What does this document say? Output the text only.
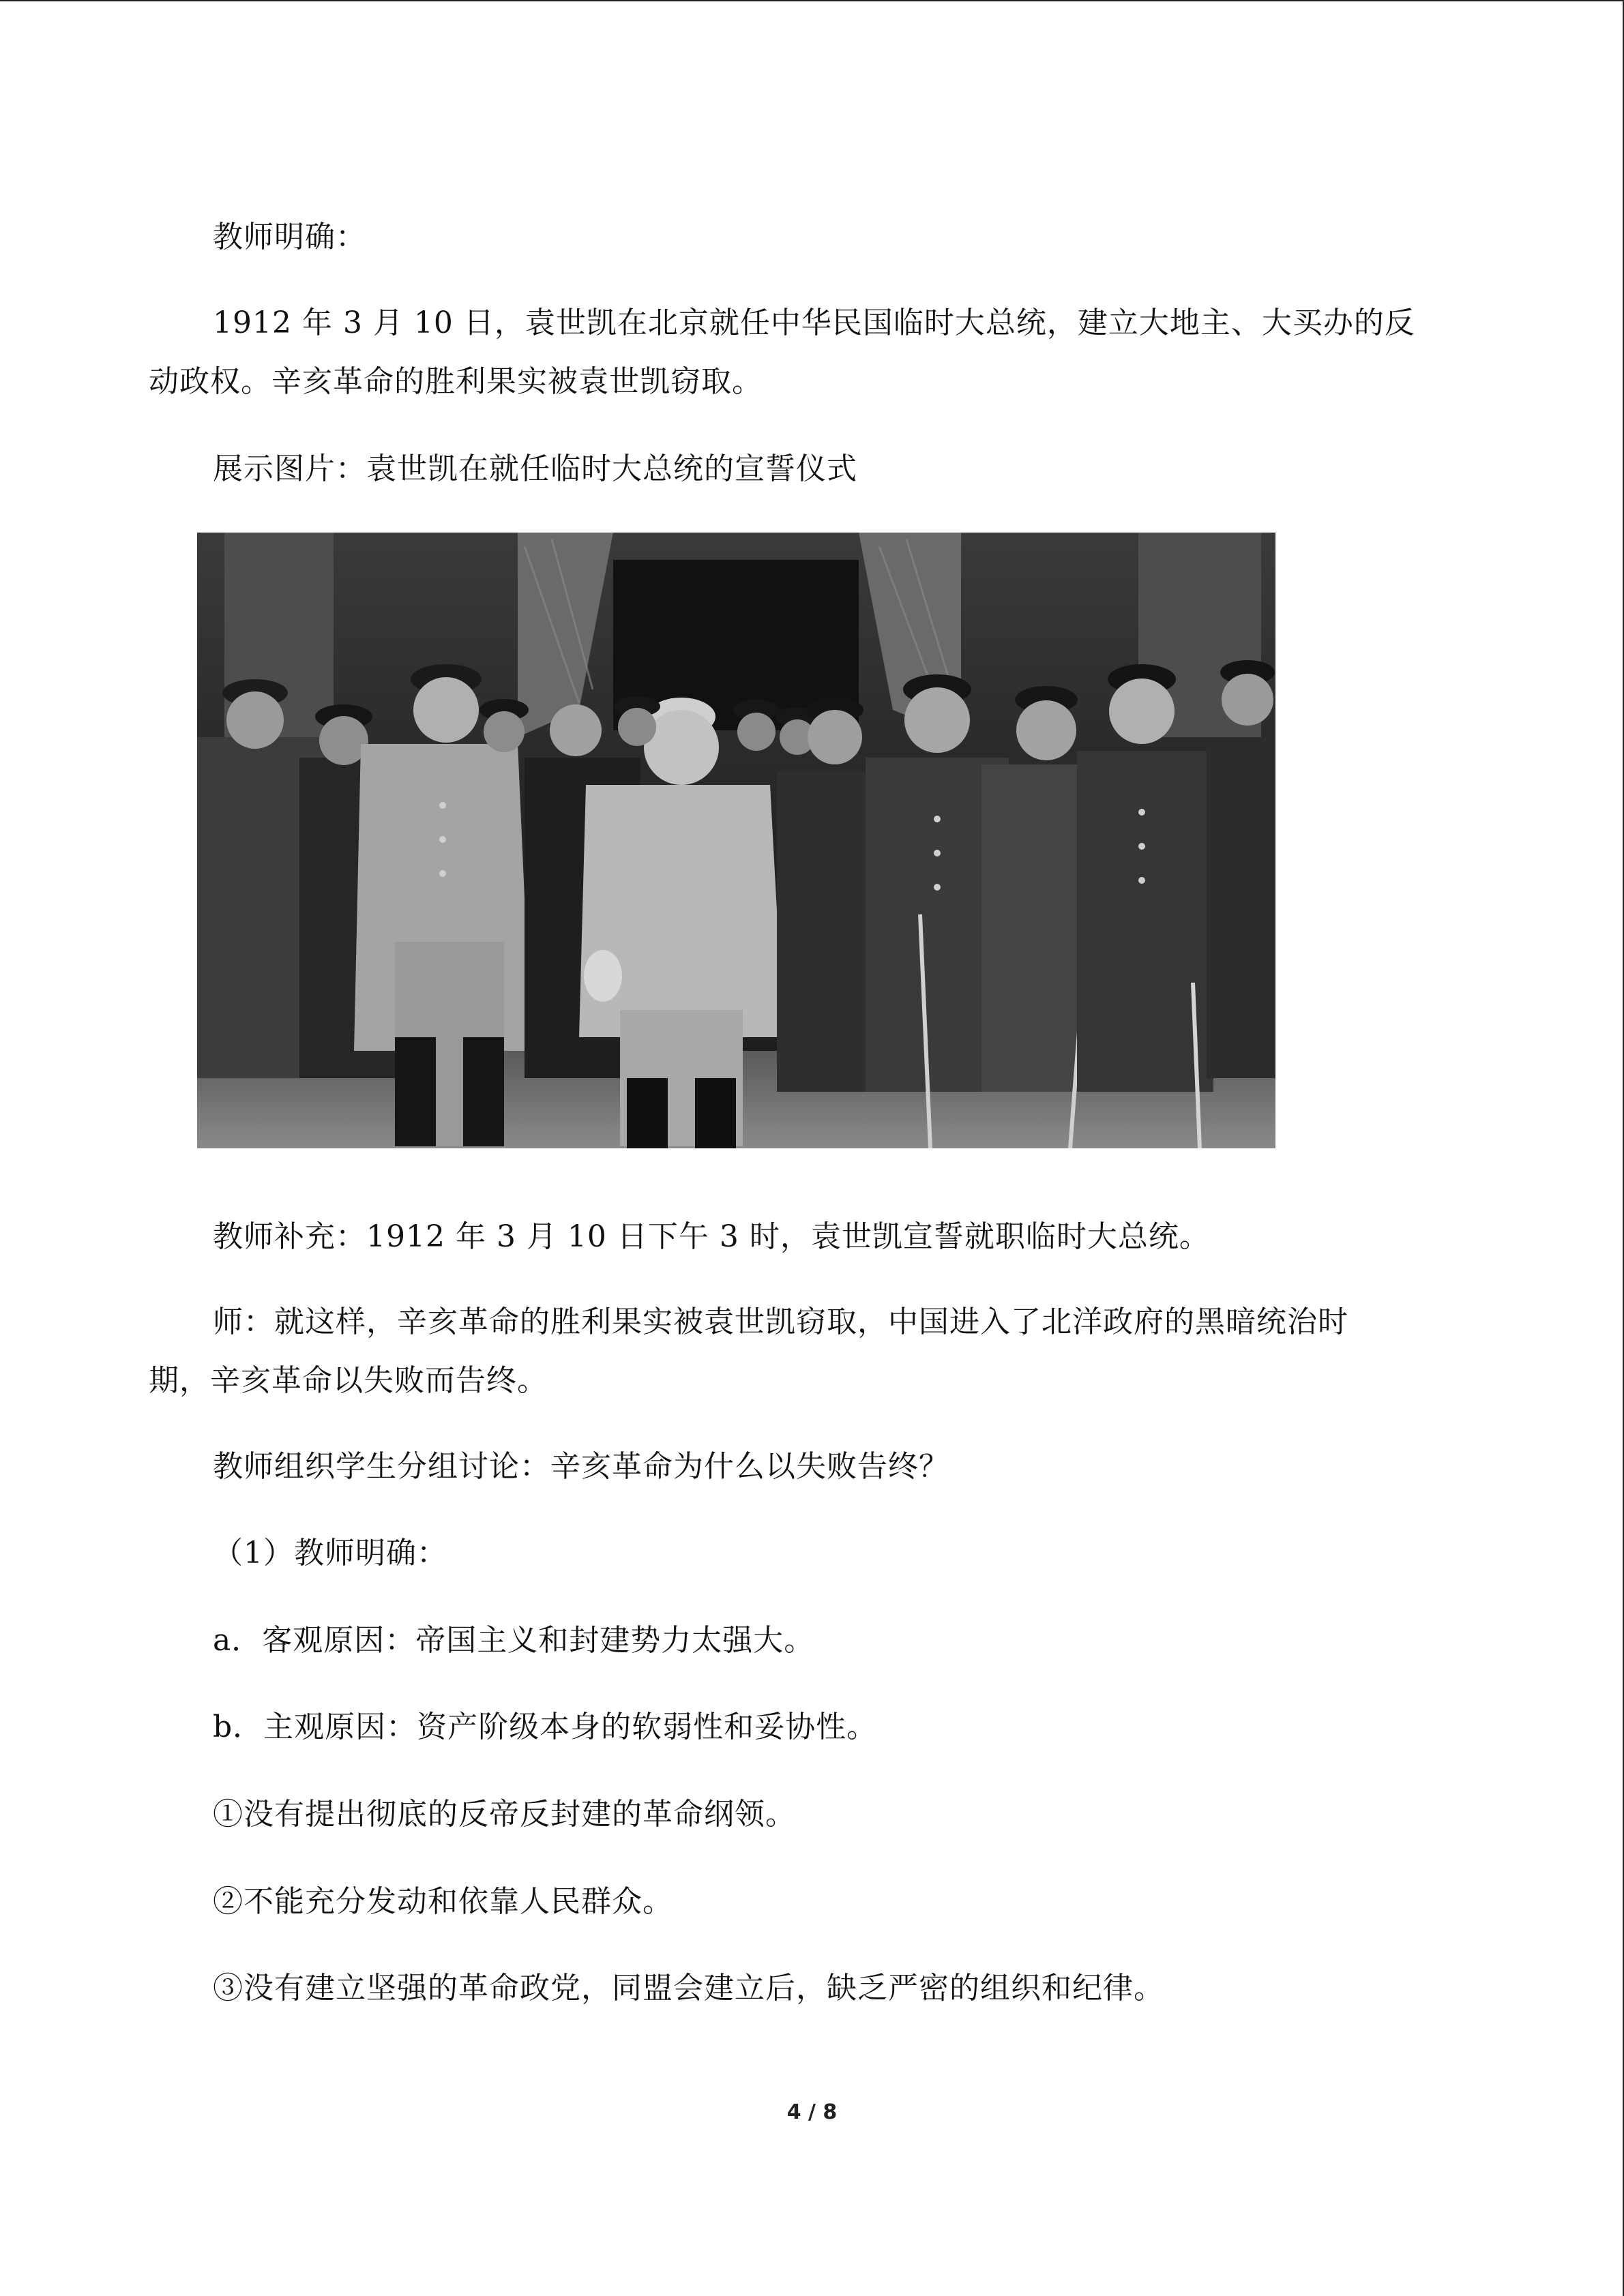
教师明确：
1912 年 3 月 10 日，袁世凯在北京就任中华民国临时大总统，建立大地主、大买办的反
动政权。辛亥革命的胜利果实被袁世凯窃取。
展示图片：袁世凯在就任临时大总统的宣誓仪式
教师补充：1912 年 3 月 10 日下午 3 时，袁世凯宣誓就职临时大总统。
师：就这样，辛亥革命的胜利果实被袁世凯窃取，中国进入了北洋政府的黑暗统治时
期，辛亥革命以失败而告终。
教师组织学生分组讨论：辛亥革命为什么以失败告终？
（1）教师明确：
a．客观原因：帝国主义和封建势力太强大。
b．主观原因：资产阶级本身的软弱性和妥协性。
①没有提出彻底的反帝反封建的革命纲领。
②不能充分发动和依靠人民群众。
③没有建立坚强的革命政党，同盟会建立后，缺乏严密的组织和纪律。
4 / 8
